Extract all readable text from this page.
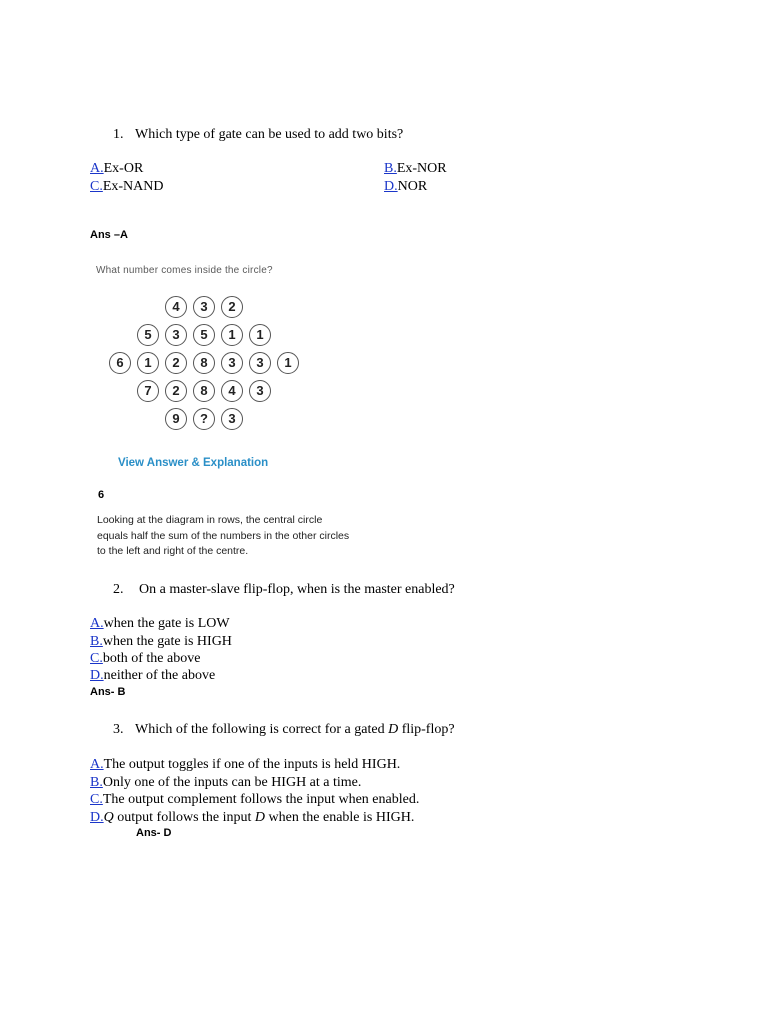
1. Which type of gate can be used to add two bits?
A.Ex-OR	B.Ex-NOR
C.Ex-NAND	D.NOR
Ans –A
What number comes inside the circle?
4	3	2
5	3	5	1	1
6	1	2	8	3	3	1
7	2	8	4	3
9	?	3
View Answer & Explanation
6
Looking at the diagram in rows, the central circle
equals half the sum of the numbers in the other circles
to the left and right of the centre.
2. On a master-slave flip-flop, when is the master enabled?
A.when the gate is LOW
B.when the gate is HIGH
C.both of the above
D.neither of the above
Ans- B
3. Which of the following is correct for a gated D flip-flop?
A.The output toggles if one of the inputs is held HIGH.
B.Only one of the inputs can be HIGH at a time.
C.The output complement follows the input when enabled.
D.Q output follows the input D when the enable is HIGH.
Ans- D
